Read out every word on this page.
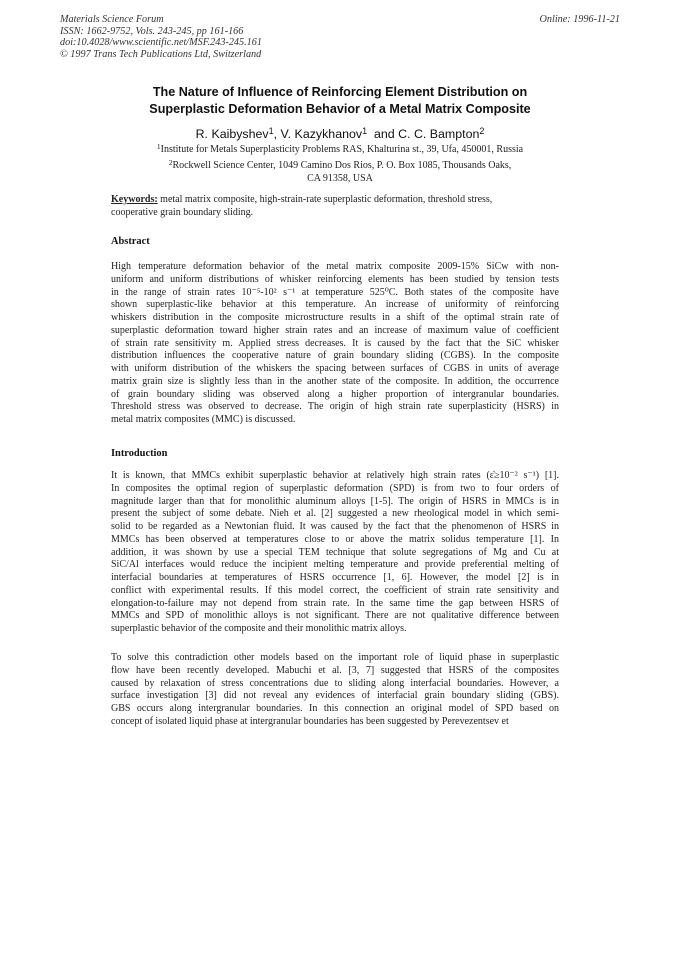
Materials Science Forum
ISSN: 1662-9752, Vols. 243-245, pp 161-166
doi:10.4028/www.scientific.net/MSF.243-245.161
© 1997 Trans Tech Publications Ltd, Switzerland
Online: 1996-11-21
The Nature of Influence of Reinforcing Element Distribution on
Superplastic Deformation Behavior of a Metal Matrix Composite
R. Kaibyshev$^1$, V. Kazykhanov$^1$ and C. C. Bampton$^2$
$^1$Institute for Metals Superplasticity Problems RAS, Khalturina st., 39, Ufa, 450001, Russia
$^2$Rockwell Science Center, 1049 Camino Dos Rios, P. O. Box 1085, Thousands Oaks,
CA 91358, USA
Keywords: metal matrix composite, high-strain-rate superplastic deformation, threshold stress,
cooperative grain boundary sliding.
Abstract
High temperature deformation behavior of the metal matrix composite 2009-15% SiCw with non-
uniform and uniform distributions of whisker reinforcing elements has been studied by tension tests
in the range of strain rates 10⁻⁵-10² s⁻¹ at temperature 525⁰C. Both states of the composite have
shown superplastic-like behavior at this temperature. An increase of uniformity of reinforcing
whiskers distribution in the composite microstructure results in a shift of the optimal strain rate of
superplastic deformation toward higher strain rates and an increase of maximum value of coefficient
of strain rate sensitivity m. Applied stress decreases. It is caused by the fact that the SiC whisker
distribution influences the cooperative nature of grain boundary sliding (CGBS). In the composite
with uniform distribution of the whiskers the spacing between surfaces of CGBS in units of average
matrix grain size is slightly less than in the another state of the composite. In addition, the occurrence
of grain boundary sliding was observed along a higher proportion of intergranular boundaries.
Threshold stress was observed to decrease. The origin of high strain rate superplasticity (HSRS) in
metal matrix composites (MMC) is discussed.
Introduction
It is known, that MMCs exhibit superplastic behavior at relatively high strain rates (ε̇≥10⁻² s⁻¹) [1].
In composites the optimal region of superplastic deformation (SPD) is from two to four orders of
magnitude larger than that for monolithic aluminum alloys [1-5]. The origin of HSRS in MMCs is in
present the subject of some debate. Nieh et al. [2] suggested a new rheological model in which semi-
solid to be regarded as a Newtonian fluid. It was caused by the fact that the phenomenon of HSRS in
MMCs has been observed at temperatures close to or above the matrix solidus temperature [1]. In
addition, it was shown by use a special TEM technique that solute segregations of Mg and Cu at
SiC/Al interfaces would reduce the incipient melting temperature and provide preferential melting of
interfacial boundaries at temperatures of HSRS occurrence [1, 6]. However, the model [2] is in
conflict with experimental results. If this model correct, the coefficient of strain rate sensitivity and
elongation-to-failure may not depend from strain rate. In the same time the gap between HSRS of
MMCs and SPD of monolithic alloys is not significant. There are not qualitative difference between
superplastic behavior of the composite and their monolithic matrix alloys.
To solve this contradiction other models based on the important role of liquid phase in superplastic
flow have been recently developed. Mabuchi et al. [3, 7] suggested that HSRS of the composites
caused by relaxation of stress concentrations due to sliding along interfacial boundaries. However, a
surface investigation [3] did not reveal any evidences of interfacial grain boundary sliding (GBS).
GBS occurs along intergranular boundaries. In this connection an original model of SPD based on
concept of isolated liquid phase at intergranular boundaries has been suggested by Perevezentsev et
